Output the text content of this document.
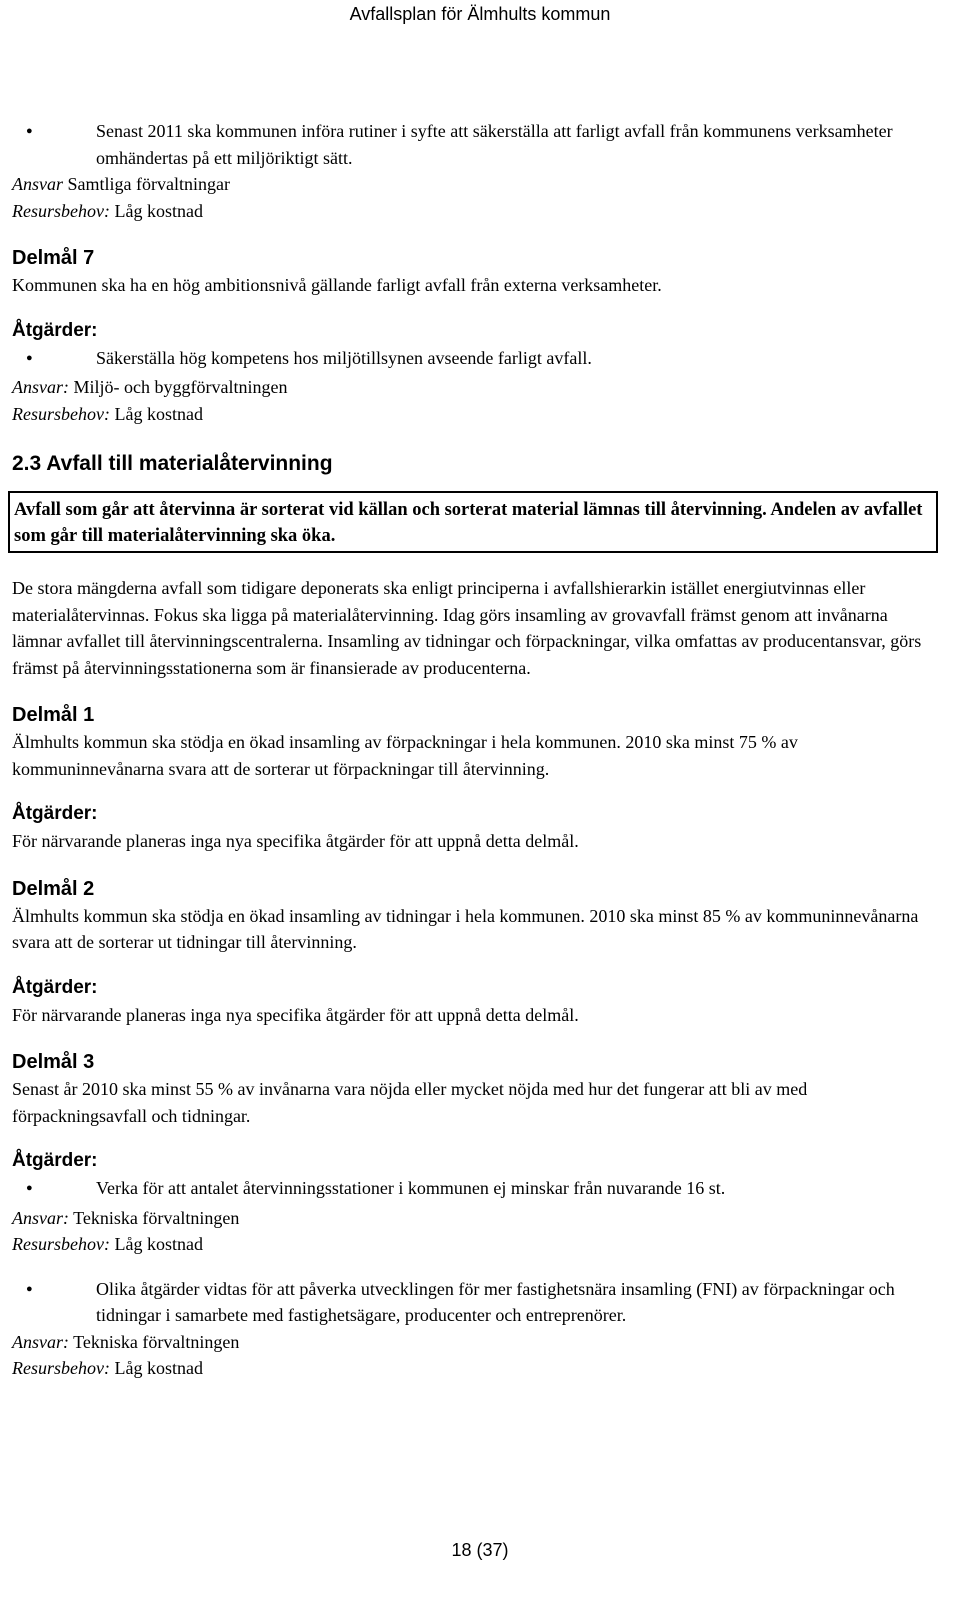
Avfallsplan för Älmhults kommun
●
Senast 2011 ska kommunen införa rutiner i syfte att säkerställa att farligt avfall från kommunens verksamheter omhändertas på ett miljöriktigt sätt.
Ansvar Samtliga förvaltningar
Resursbehov: Låg kostnad
Delmål 7
Kommunen ska ha en hög ambitionsnivå gällande farligt avfall från externa verksamheter.
Åtgärder:
●
Säkerställa hög kompetens hos miljötillsynen avseende farligt avfall.
Ansvar: Miljö- och byggförvaltningen
Resursbehov: Låg kostnad
2.3 Avfall till materialåtervinning
Avfall som går att återvinna är sorterat vid källan och sorterat material lämnas till återvinning. Andelen av avfallet som går till materialåtervinning ska öka.
De stora mängderna avfall som tidigare deponerats ska enligt principerna i avfallshierarkin istället energiutvinnas eller materialåtervinnas. Fokus ska ligga på materialåtervinning. Idag görs insamling av grovavfall främst genom att invånarna lämnar avfallet till återvinningscentralerna. Insamling av tidningar och förpackningar, vilka omfattas av producentansvar, görs främst på återvinningsstationerna som är finansierade av producenterna.
Delmål 1
Älmhults kommun ska stödja en ökad insamling av förpackningar i hela kommunen. 2010 ska minst 75 % av kommuninnevånarna svara att de sorterar ut förpackningar till återvinning.
Åtgärder:
För närvarande planeras inga nya specifika åtgärder för att uppnå detta delmål.
Delmål 2
Älmhults kommun ska stödja en ökad insamling av tidningar i hela kommunen. 2010 ska minst 85 % av kommuninnevånarna svara att de sorterar ut tidningar till återvinning.
Åtgärder:
För närvarande planeras inga nya specifika åtgärder för att uppnå detta delmål.
Delmål 3
Senast år 2010 ska minst 55 % av invånarna vara nöjda eller mycket nöjda med hur det fungerar att bli av med förpackningsavfall och tidningar.
Åtgärder:
●
Verka för att antalet återvinningsstationer i kommunen ej minskar från nuvarande 16 st.
Ansvar: Tekniska förvaltningen
Resursbehov: Låg kostnad
●
Olika åtgärder vidtas för att påverka utvecklingen för mer fastighetsnära insamling (FNI) av förpackningar och tidningar i samarbete med fastighetsägare, producenter och entreprenörer.
Ansvar: Tekniska förvaltningen
Resursbehov: Låg kostnad
18 (37)
